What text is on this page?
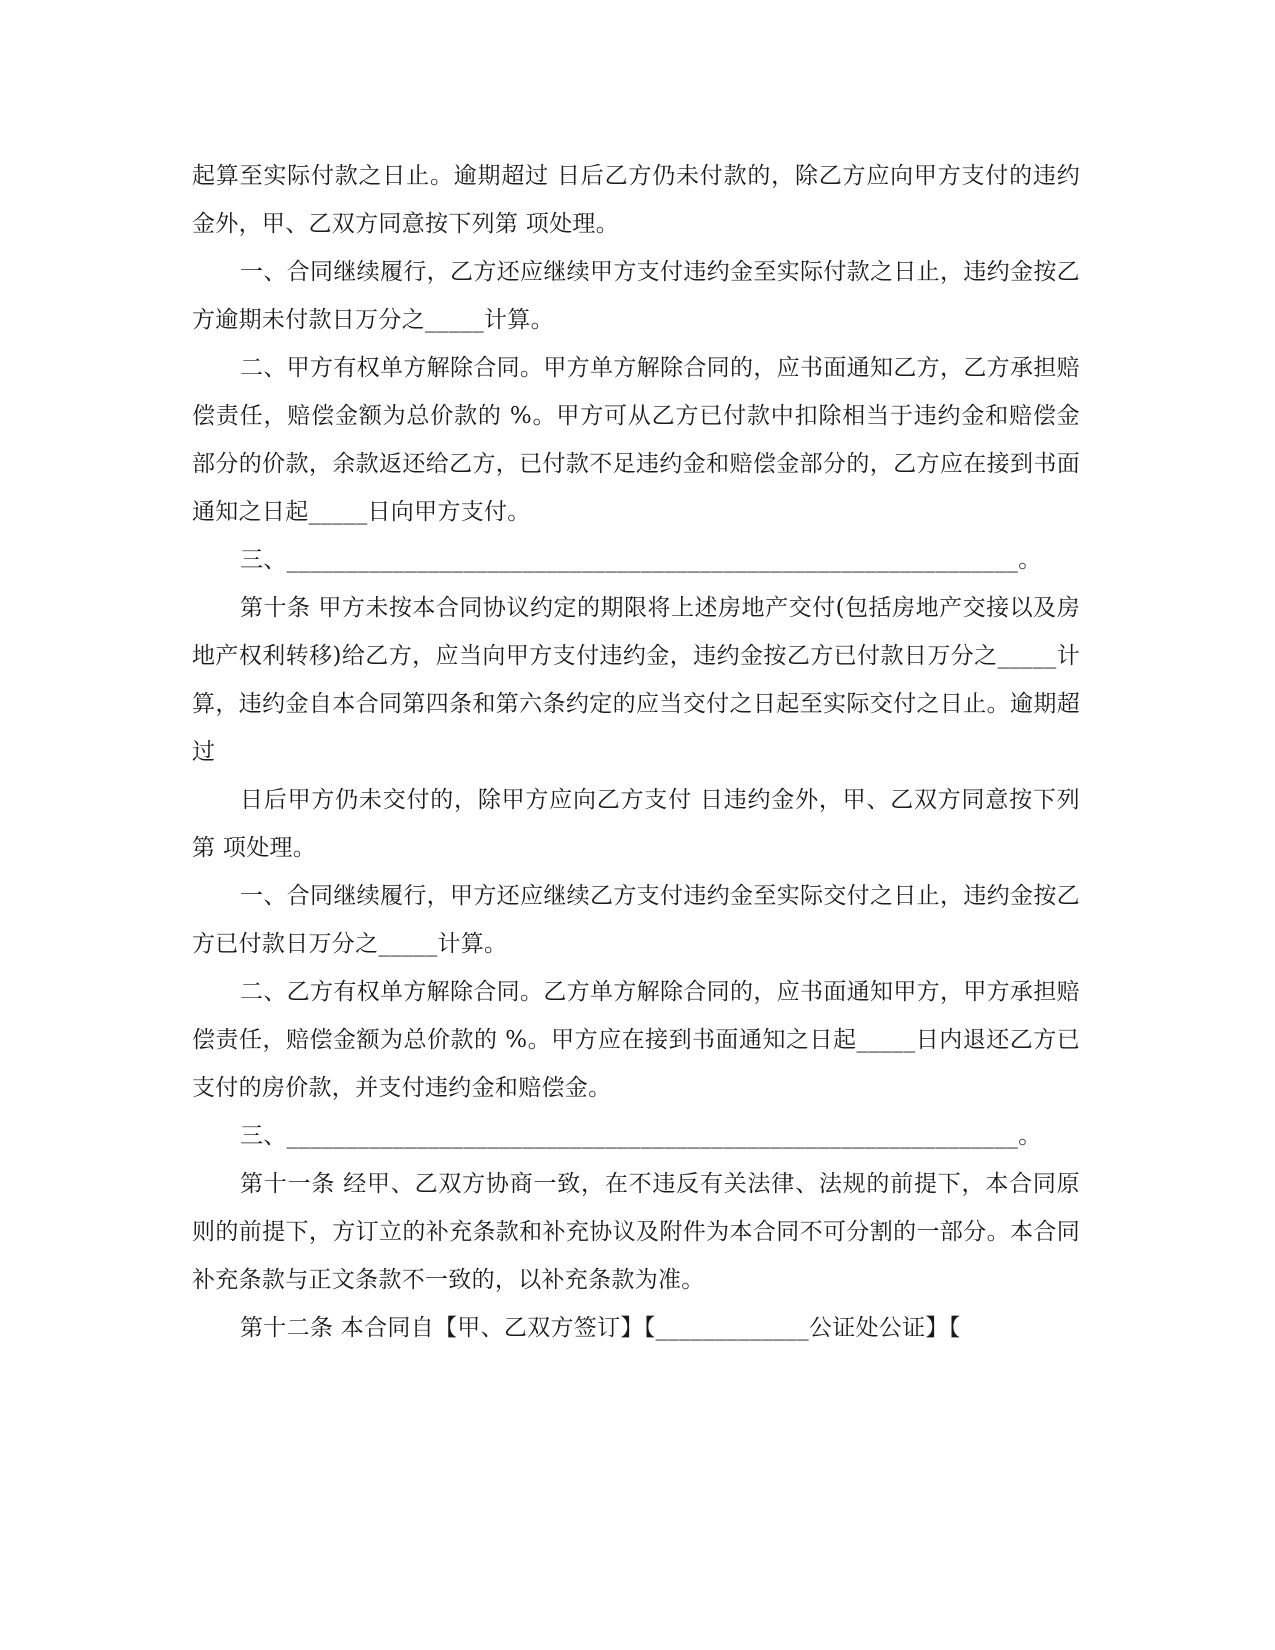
起算至实际付款之日止。逾期超过 日后乙方仍未付款的，除乙方应向甲方支付的违约金外，甲、乙双方同意按下列第 项处理。

一、合同继续履行，乙方还应继续甲方支付违约金至实际付款之日止，违约金按乙方逾期未付款日万分之_____计算。

二、甲方有权单方解除合同。甲方单方解除合同的，应书面通知乙方，乙方承担赔偿责任，赔偿金额为总价款的 %。甲方可从乙方已付款中扣除相当于违约金和赔偿金部分的价款，余款返还给乙方，已付款不足违约金和赔偿金部分的，乙方应在接到书面通知之日起_____日向甲方支付。

三、______________________________________________________________。

第十条 甲方未按本合同协议约定的期限将上述房地产交付(包括房地产交接以及房地产权利转移)给乙方，应当向甲方支付违约金，违约金按乙方已付款日万分之_____计算，违约金自本合同第四条和第六条约定的应当交付之日起至实际交付之日止。逾期超过

日后甲方仍未交付的，除甲方应向乙方支付 日违约金外，甲、乙双方同意按下列第 项处理。

一、合同继续履行，甲方还应继续乙方支付违约金至实际交付之日止，违约金按乙方已付款日万分之_____计算。

二、乙方有权单方解除合同。乙方单方解除合同的，应书面通知甲方，甲方承担赔偿责任，赔偿金额为总价款的 %。甲方应在接到书面通知之日起_____日内退还乙方已支付的房价款，并支付违约金和赔偿金。

三、______________________________________________________________。

第十一条 经甲、乙双方协商一致，在不违反有关法律、法规的前提下，本合同原则的前提下，方订立的补充条款和补充协议及附件为本合同不可分割的一部分。本合同补充条款与正文条款不一致的，以补充条款为准。

第十二条 本合同自【甲、乙双方签订】【_____________公证处公证】【
